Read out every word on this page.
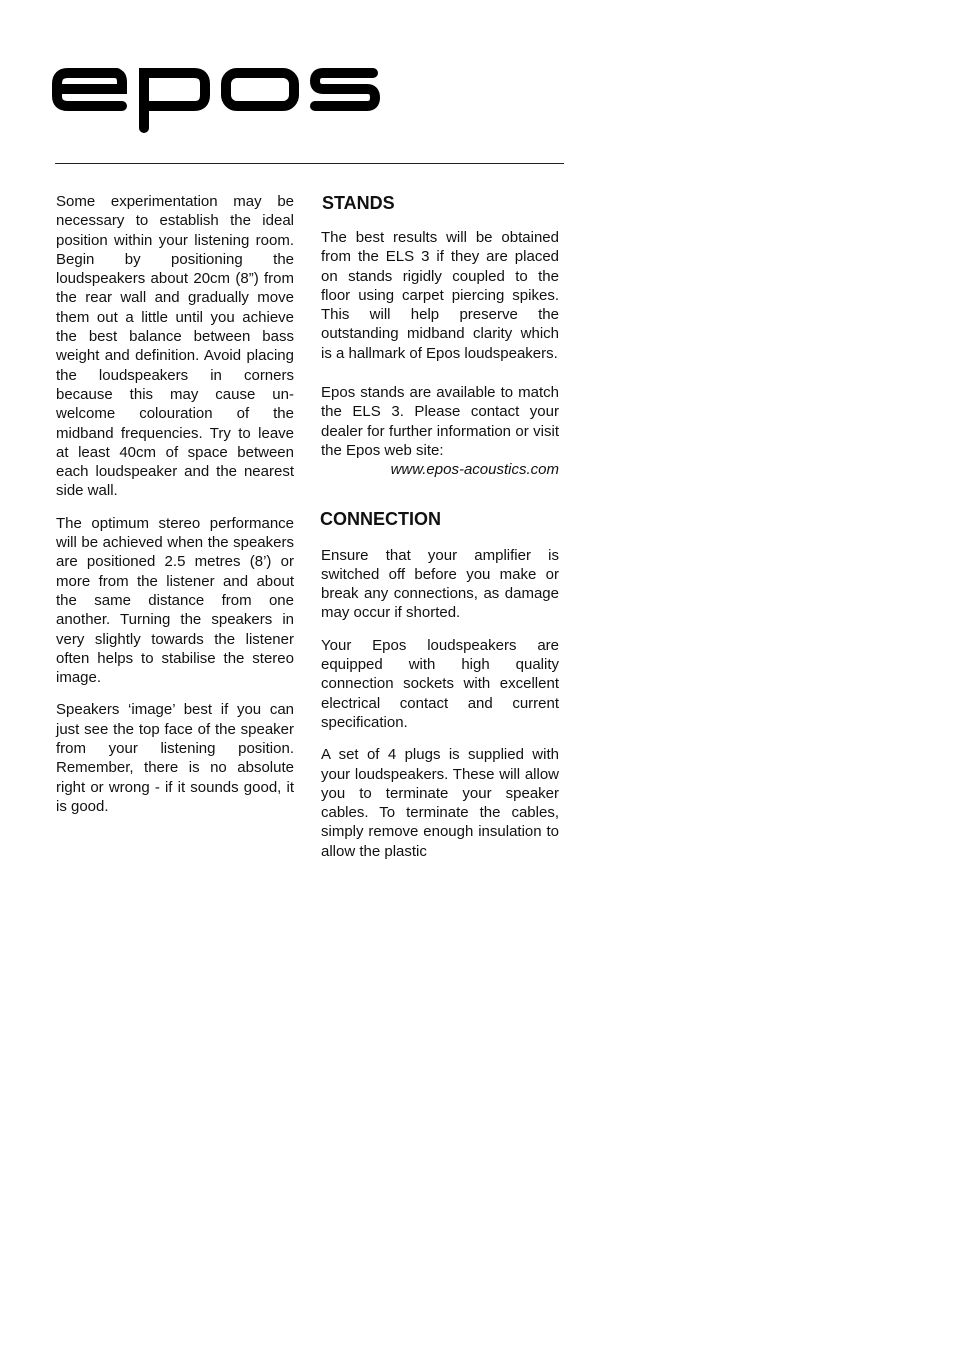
Some experimentation may be necessary to establish the ideal position within your listening room. Begin by positioning the loudspeakers about 20cm (8”) from the rear wall and gradually move them out a little until you achieve the best balance between bass weight and definition. Avoid placing the loudspeakers in corners because this may cause un-welcome colouration of the midband frequencies. Try to leave at least 40cm of space between each loudspeaker and the nearest side wall.

The optimum stereo performance will be achieved when the speakers are positioned 2.5 metres (8’) or more from the listener and about the same distance from one another. Turning the speakers in very slightly towards the listener often helps to stabilise the stereo image.

Speakers ‘image’ best if you can just see the top face of the speaker from your listening position. Remember, there is no absolute right or wrong - if it sounds good, it is good.

STANDS

The best results will be obtained from the ELS 3 if they are placed on stands rigidly coupled to the floor using carpet piercing spikes. This will help preserve the outstanding midband clarity which is a hallmark of Epos loudspeakers.

Epos stands are available to match the ELS 3. Please contact your dealer for further information or visit the Epos web site:

www.epos-acoustics.com
CONNECTION

Ensure that your amplifier is switched off before you make or break any connections, as damage may occur if shorted.

Your Epos loudspeakers are equipped with high quality connection sockets with excellent electrical contact and current specification.

A set of 4 plugs is supplied with your loudspeakers. These will allow you to terminate your speaker cables. To terminate the cables, simply remove enough insulation to allow the plastic
